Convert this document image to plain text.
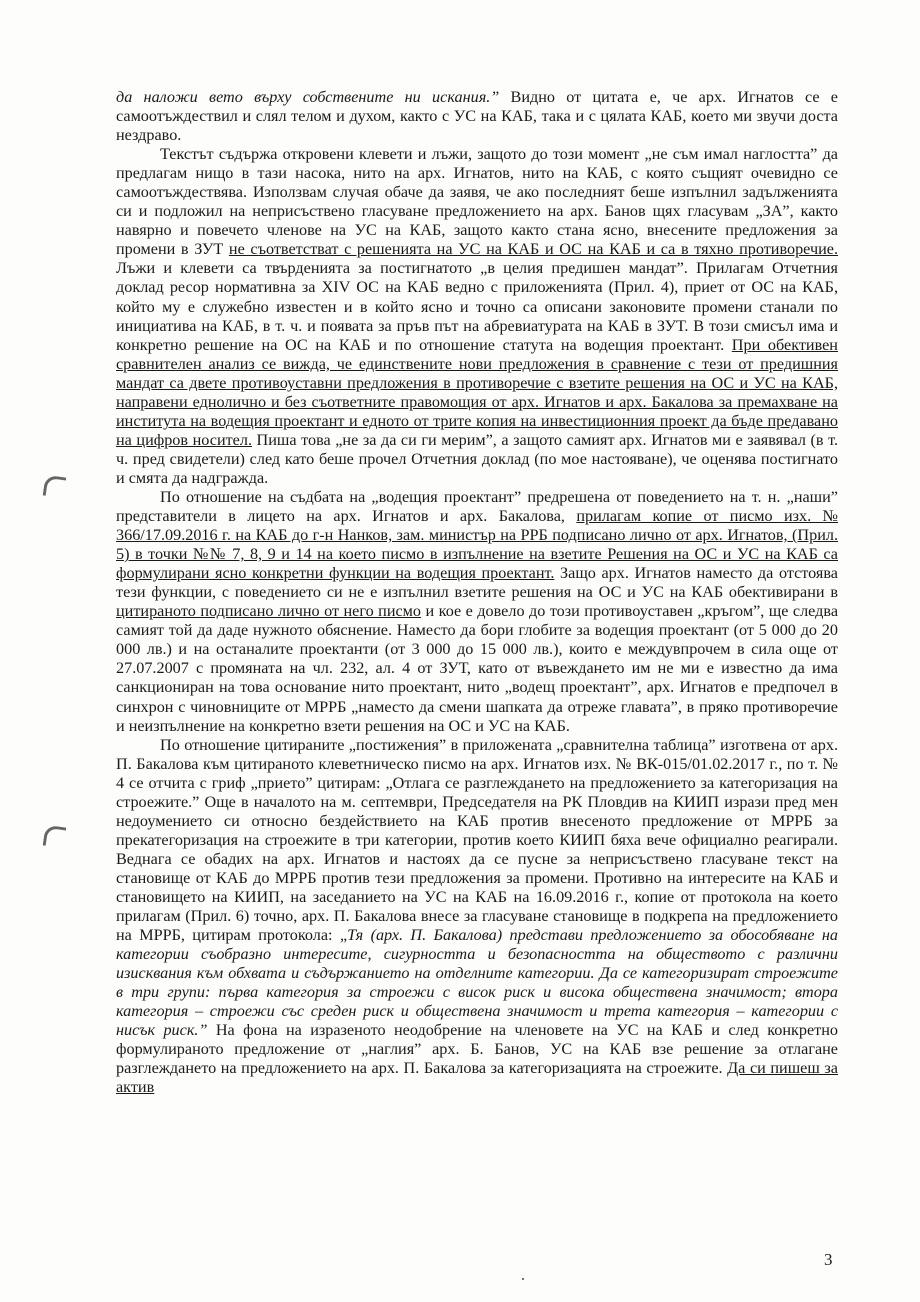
да наложи вето върху собствените ни искания.” Видно от цитата е, че арх. Игнатов се е самоотъждествил и слял телом и духом, както с УС на КАБ, така и с цялата КАБ, което ми звучи доста нездраво.

Текстът съдържа откровени клевети и лъжи, защото до този момент „не съм имал наглостта” да предлагам нищо в тази насока, нито на арх. Игнатов, нито на КАБ, с която същият очевидно се самоотъждествява. Използвам случая обаче да заявя, че ако последният беше изпълнил задълженията си и подложил на неприсъствено гласуване предложението на арх. Банов щях гласувам „ЗА”, както навярно и повечето членове на УС на КАБ, защото както стана ясно, внесените предложения за промени в ЗУТ не съответстват с решенията на УС на КАБ и ОС на КАБ и са в тяхно противоречие. Лъжи и клевети са твърденията за постигнатото „в целия предишен мандат”. Прилагам Отчетния доклад ресор нормативна за XIV ОС на КАБ ведно с приложенията (Прил. 4), приет от ОС на КАБ, който му е служебно известен и в който ясно и точно са описани законовите промени станали по инициатива на КАБ, в т. ч. и появата за пръв път на абревиатурата на КАБ в ЗУТ. В този смисъл има и конкретно решение на ОС на КАБ и по отношение статута на водещия проектант. При обективен сравнителен анализ се вижда, че единствените нови предложения в сравнение с тези от предишния мандат са двете противоуставни предложения в противоречие с взетите решения на ОС и УС на КАБ, направени еднолично и без съответните правомощия от арх. Игнатов и арх. Бакалова за премахване на института на водещия проектант и едното от трите копия на инвестиционния проект да бъде предавано на цифров носител. Пиша това „не за да си ги мерим”, а защото самият арх. Игнатов ми е заявявал (в т. ч. пред свидетели) след като беше прочел Отчетния доклад (по мое настояване), че оценява постигнато и смята да надгражда.

По отношение на съдбата на „водещия проектант” предрешена от поведението на т. н. „наши” представители в лицето на арх. Игнатов и арх. Бакалова, прилагам копие от писмо изх. № 366/17.09.2016 г. на КАБ до г-н Нанков, зам. министър на РРБ подписано лично от арх. Игнатов, (Прил. 5) в точки №№ 7, 8, 9 и 14 на което писмо в изпълнение на взетите Решения на ОС и УС на КАБ са формулирани ясно конкретни функции на водещия проектант. Защо арх. Игнатов наместо да отстоява тези функции, с поведението си не е изпълнил взетите решения на ОС и УС на КАБ обективирани в цитираното подписано лично от него писмо и кое е довело до този противоуставен „кръгом”, ще следва самият той да даде нужното обяснение. Наместо да бори глобите за водещия проектант (от 5 000 до 20 000 лв.) и на останалите проектанти (от 3 000 до 15 000 лв.), които е междувпрочем в сила още от 27.07.2007 с промяната на чл. 232, ал. 4 от ЗУТ, като от въвеждането им не ми е известно да има санкциониран на това основание нито проектант, нито „водещ проектант”, арх. Игнатов е предпочел в синхрон с чиновниците от МРРБ „наместо да смени шапката да отреже главата”, в пряко противоречие и неизпълнение на конкретно взети решения на ОС и УС на КАБ.

По отношение цитираните „постижения” в приложената „сравнителна таблица” изготвена от арх. П. Бакалова към цитираното клеветническо писмо на арх. Игнатов изх. № ВК-015/01.02.2017 г., по т. № 4 се отчита с гриф „прието” цитирам: „Отлага се разглеждането на предложението за категоризация на строежите.” Още в началото на м. септември, Председателя на РК Пловдив на КИИП изрази пред мен недоумението си относно бездействието на КАБ против внесеното предложение от МРРБ за прекатегоризация на строежите в три категории, против което КИИП бяха вече официално реагирали. Веднага се обадих на арх. Игнатов и настоях да се пусне за неприсъствено гласуване текст на становище от КАБ до МРРБ против тези предложения за промени. Противно на интересите на КАБ и становището на КИИП, на заседанието на УС на КАБ на 16.09.2016 г., копие от протокола на което прилагам (Прил. 6) точно, арх. П. Бакалова внесе за гласуване становище в подкрепа на предложението на МРРБ, цитирам протокола: „Тя (арх. П. Бакалова) представи предложението за обособяване на категории съобразно интересите, сигурността и безопасността на обществото с различни изисквания към обхвата и съдържанието на отделните категории. Да се категоризират строежите в три групи: първа категория за строежи с висок риск и висока обществена значимост; втора категория – строежи със среден риск и обществена значимост и трета категория – категории с нисък риск.” На фона на изразеното неодобрение на членовете на УС на КАБ и след конкретно формулираното предложение от „наглия” арх. Б. Банов, УС на КАБ взе решение за отлагане разглеждането на предложението на арх. П. Бакалова за категоризацията на строежите. Да си пишеш за актив

3
